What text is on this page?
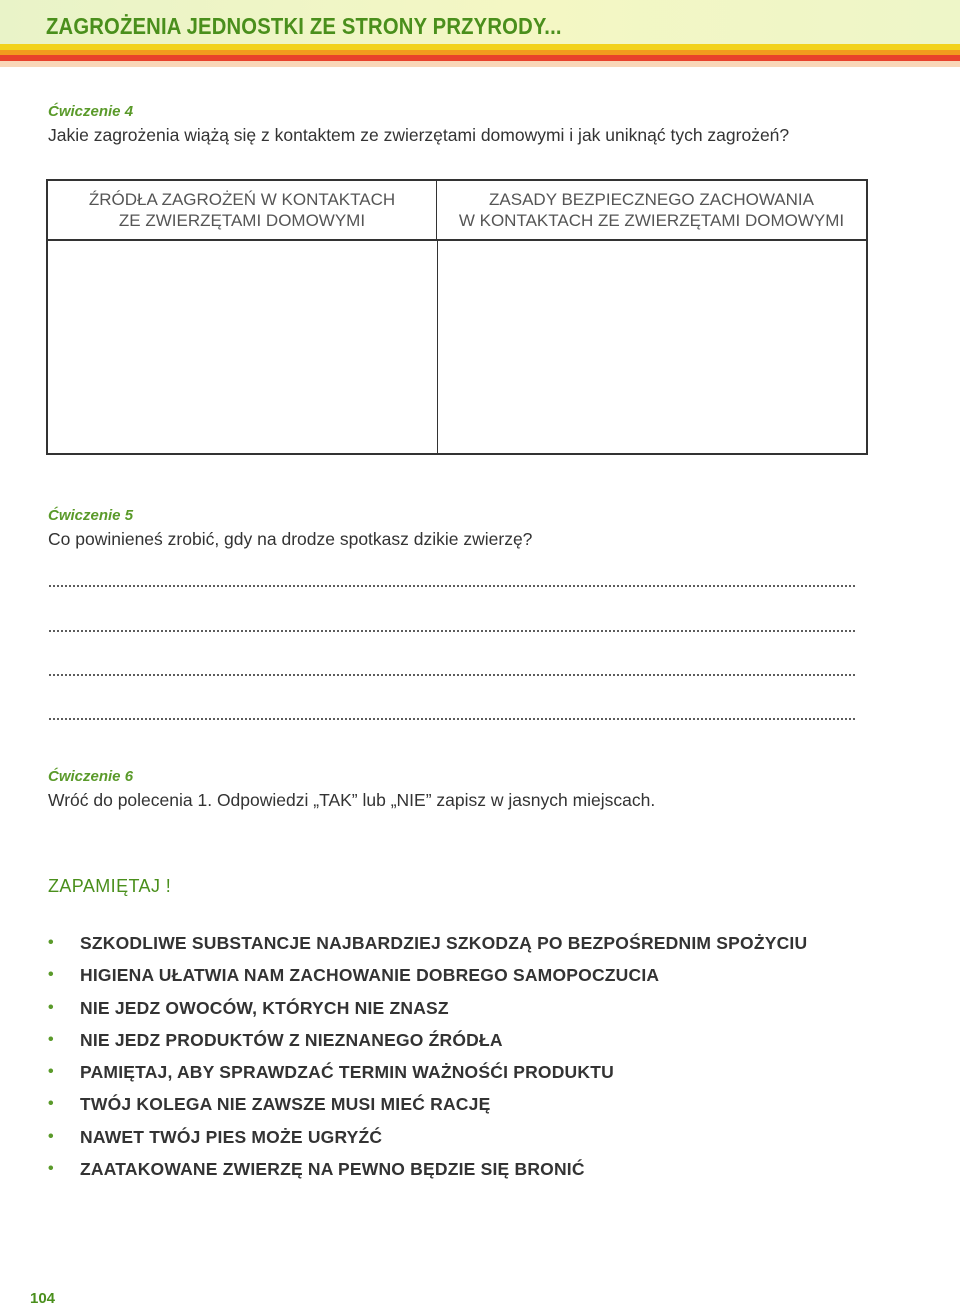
ZAGROŻENIA JEDNOSTKI ZE STRONY PRZYRODY...
Ćwiczenie 4
Jakie zagrożenia wiążą się z kontaktem ze zwierzętami domowymi i jak uniknąć tych zagrożeń?
ŹRÓDŁA ZAGROŻEŃ W KONTAKTACH
ZE ZWIERZĘTAMI DOMOWYMI
ZASADY BEZPIECZNEGO ZACHOWANIA
W KONTAKTACH ZE ZWIERZĘTAMI DOMOWYMI
Ćwiczenie 5
Co powinieneś zrobić, gdy na drodze spotkasz dzikie zwierzę?
Ćwiczenie 6
Wróć do polecenia 1. Odpowiedzi „TAK” lub „NIE” zapisz w jasnych miejscach.
ZAPAMIĘTAJ !
• SZKODLIWE SUBSTANCJE NAJBARDZIEJ SZKODZĄ PO BEZPOŚREDNIM SPOŻYCIU
• HIGIENA UŁATWIA NAM ZACHOWANIE DOBREGO SAMOPOCZUCIA
• NIE JEDZ OWOCÓW, KTÓRYCH NIE ZNASZ
• NIE JEDZ PRODUKTÓW Z NIEZNANEGO ŹRÓDŁA
• PAMIĘTAJ, ABY SPRAWDZAĆ TERMIN WAŻNOŚĆI PRODUKTU
• TWÓJ KOLEGA NIE ZAWSZE MUSI MIEĆ RACJĘ
• NAWET TWÓJ PIES MOŻE UGRYŹĆ
• ZAATAKOWANE ZWIERZĘ NA PEWNO BĘDZIE SIĘ BRONIĆ
104
